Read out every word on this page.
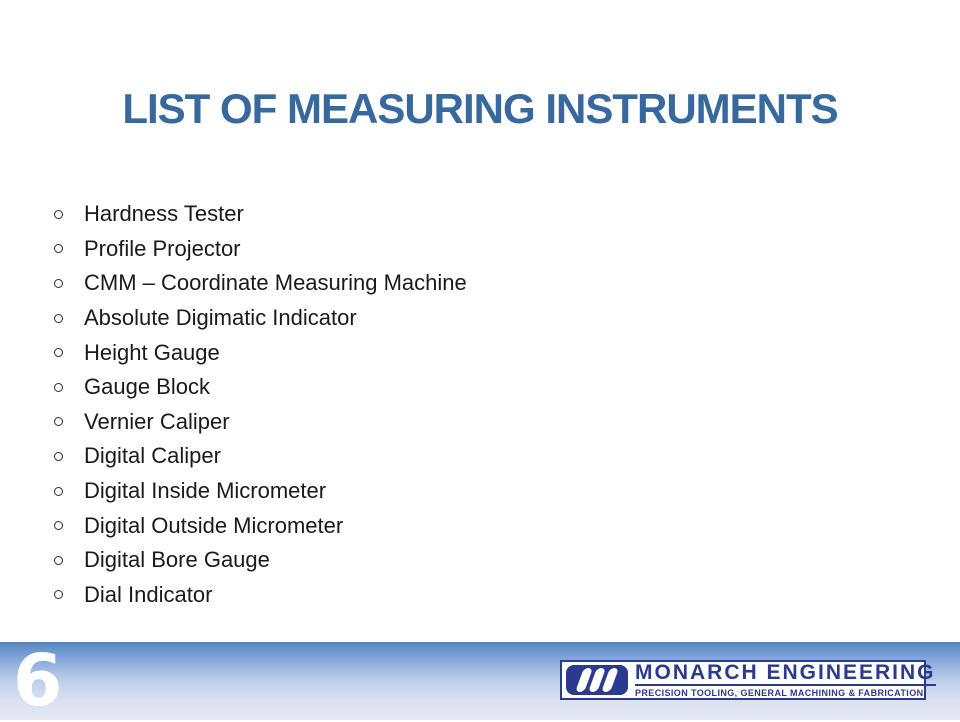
LIST OF MEASURING INSTRUMENTS
Hardness Tester
Profile Projector
CMM – Coordinate Measuring Machine
Absolute Digimatic Indicator
Height Gauge
Gauge Block
Vernier Caliper
Digital Caliper
Digital Inside Micrometer
Digital Outside Micrometer
Digital Bore Gauge
Dial Indicator
6	MONARCH ENGINEERING
PRECISION TOOLING, GENERAL MACHINING & FABRICATION
